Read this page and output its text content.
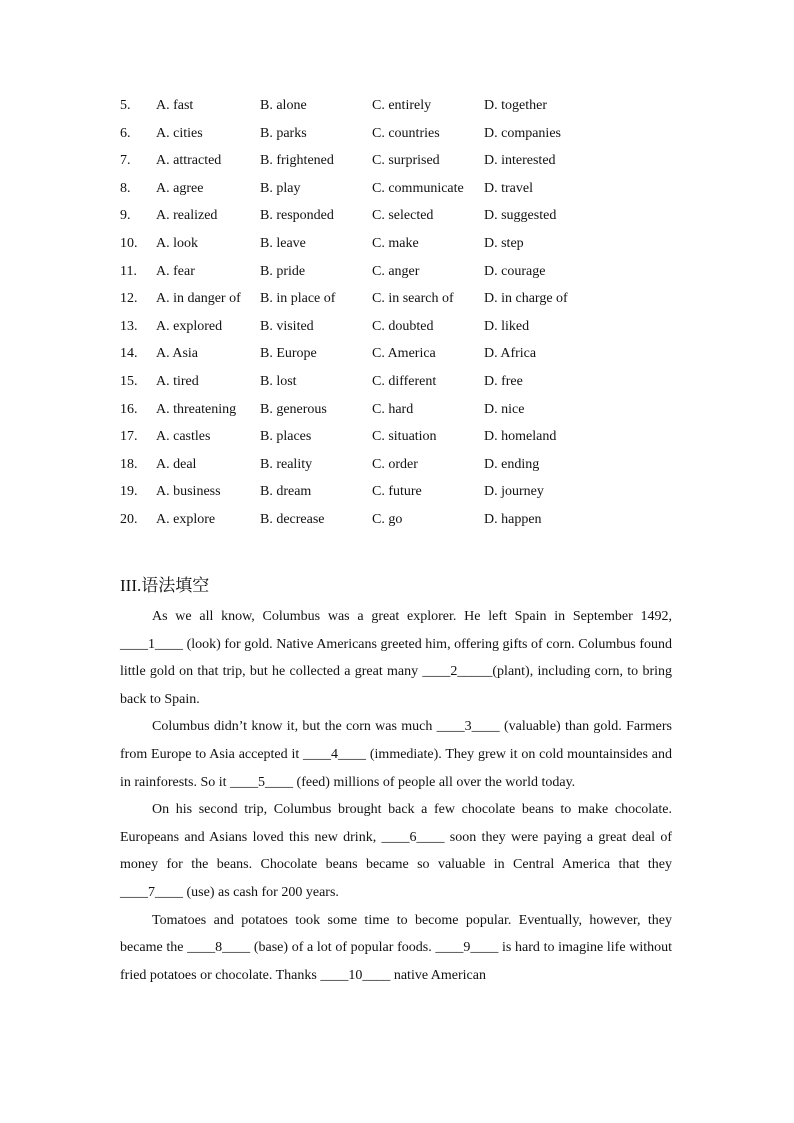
5. A. fast	B. alone	C. entirely	D. together
6. A. cities	B. parks	C. countries	D. companies
7. A. attracted	B. frightened	C. surprised	D. interested
8. A. agree	B. play	C. communicate D. travel
9. A. realized	B. responded	C. selected	D. suggested
10. A. look	B. leave	C. make	D. step
11. A. fear	B. pride	C. anger	D. courage
12. A. in danger of B. in place of	C. in search of D. in charge of
13. A. explored	B. visited	C. doubted	D. liked
14. A. Asia	B. Europe	C. America	D. Africa
15. A. tired	B. lost	C. different	D. free
16. A. threatening B. generous	C. hard	D. nice
17. A. castles	B. places	C. situation	D. homeland
18. A. deal	B. reality	C. order	D. ending
19. A. business	B. dream	C. future	D. journey
20. A. explore	B. decrease	C. go	D. happen
III.语法填空

As we all know, Columbus was a great explorer. He left Spain in September 1492, ____1____ (look) for gold. Native Americans greeted him, offering gifts of corn. Columbus found little gold on that trip, but he collected a great many ____2_____(plant), including corn, to bring back to Spain.

Columbus didn’t know it, but the corn was much ____3____ (valuable) than gold. Farmers from Europe to Asia accepted it ____4____ (immediate). They grew it on cold mountainsides and in rainforests. So it ____5____ (feed) millions of people all over the world today.

On his second trip, Columbus brought back a few chocolate beans to make chocolate. Europeans and Asians loved this new drink, ____6____ soon they were paying a great deal of money for the beans. Chocolate beans became so valuable in Central America that they ____7____ (use) as cash for 200 years.

Tomatoes and potatoes took some time to become popular. Eventually, however, they became the ____8____ (base) of a lot of popular foods. ____9____ is hard to imagine life without fried potatoes or chocolate. Thanks ____10____ native American
